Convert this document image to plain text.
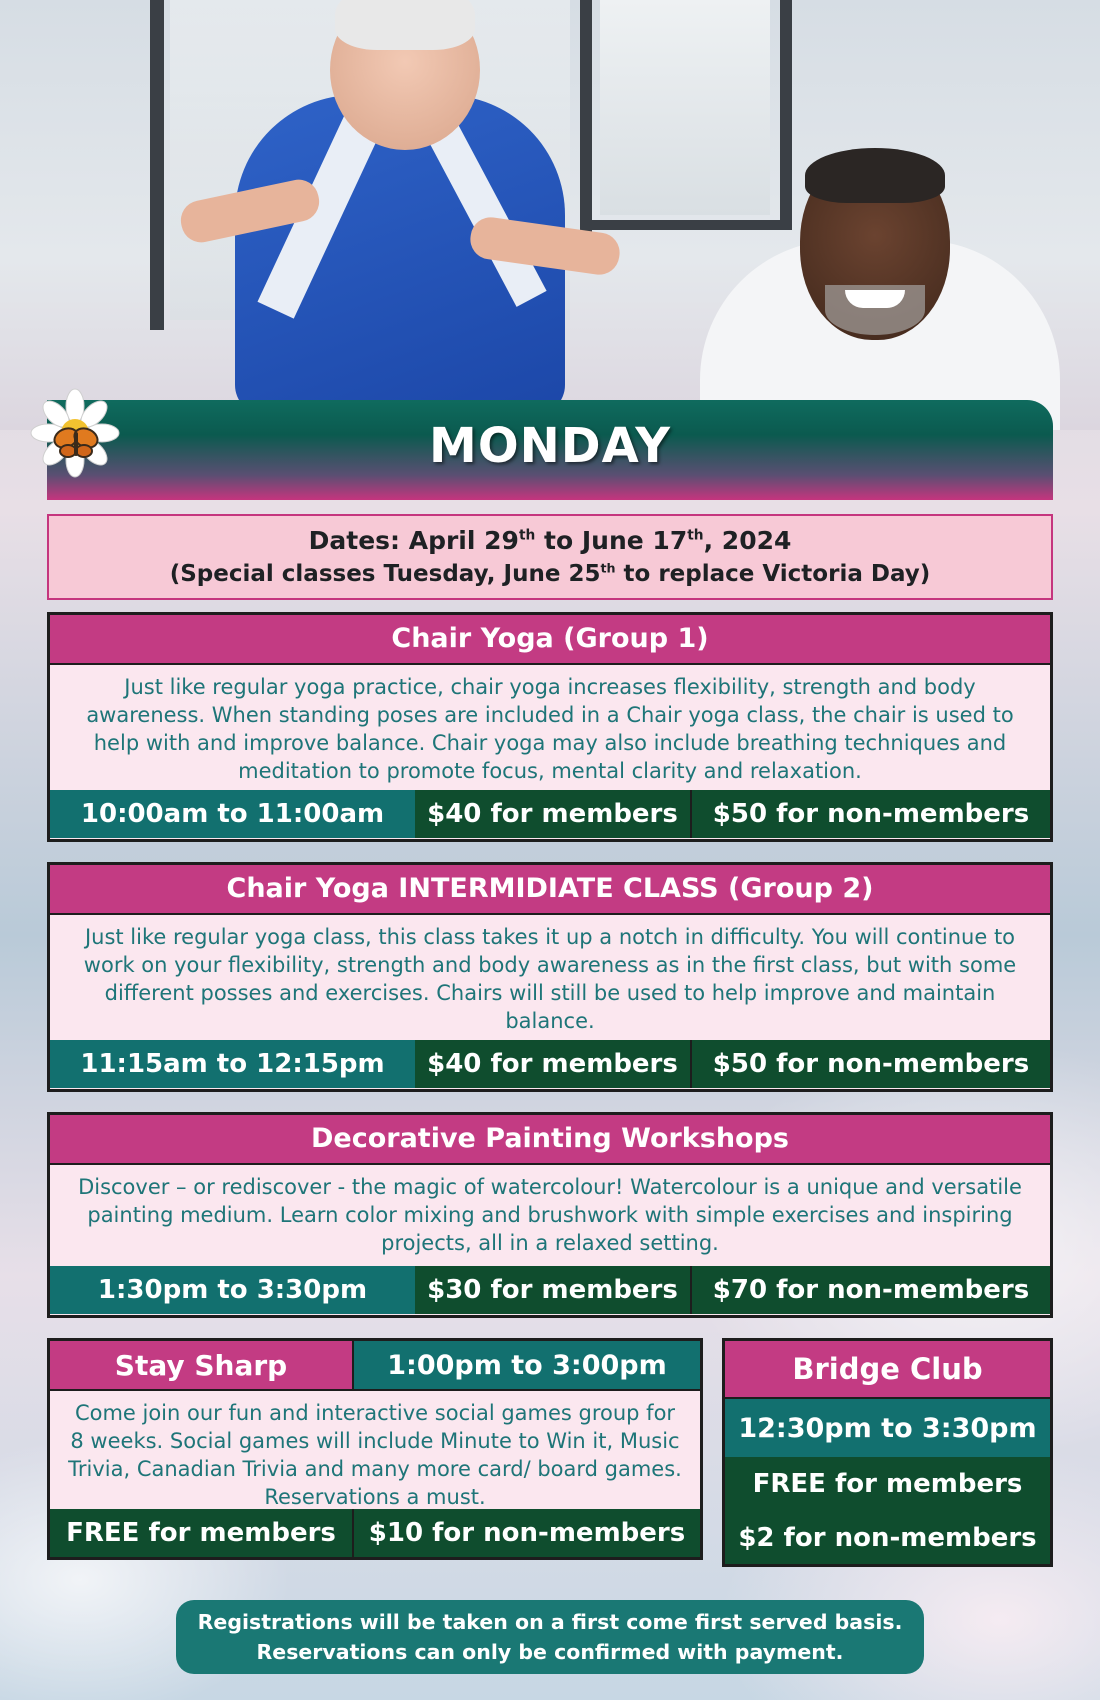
MONDAY
Dates: April 29th to June 17th, 2024
(Special classes Tuesday, June 25th to replace Victoria Day)
Chair Yoga (Group 1)
Just like regular yoga practice, chair yoga increases flexibility, strength and body awareness. When standing poses are included in a Chair yoga class, the chair is used to help with and improve balance. Chair yoga may also include breathing techniques and meditation to promote focus, mental clarity and relaxation.
10:00am to 11:00am	$40 for members	$50 for non-members
Chair Yoga INTERMIDIATE CLASS (Group 2)
Just like regular yoga class, this class takes it up a notch in difficulty. You will continue to work on your flexibility, strength and body awareness as in the first class, but with some different posses and exercises. Chairs will still be used to help improve and maintain balance.
11:15am to 12:15pm	$40 for members	$50 for non-members
Decorative Painting Workshops
Discover – or rediscover - the magic of watercolour! Watercolour is a unique and versatile painting medium. Learn color mixing and brushwork with simple exercises and inspiring projects, all in a relaxed setting.
1:30pm to 3:30pm	$30 for members	$70 for non-members
Stay Sharp	1:00pm to 3:00pm
Come join our fun and interactive social games group for 8 weeks. Social games will include Minute to Win it, Music Trivia, Canadian Trivia and many more card/ board games. Reservations a must.
FREE for members	$10 for non-members
Bridge Club
12:30pm to 3:30pm
FREE for members
$2 for non-members
Registrations will be taken on a first come first served basis.
Reservations can only be confirmed with payment.
